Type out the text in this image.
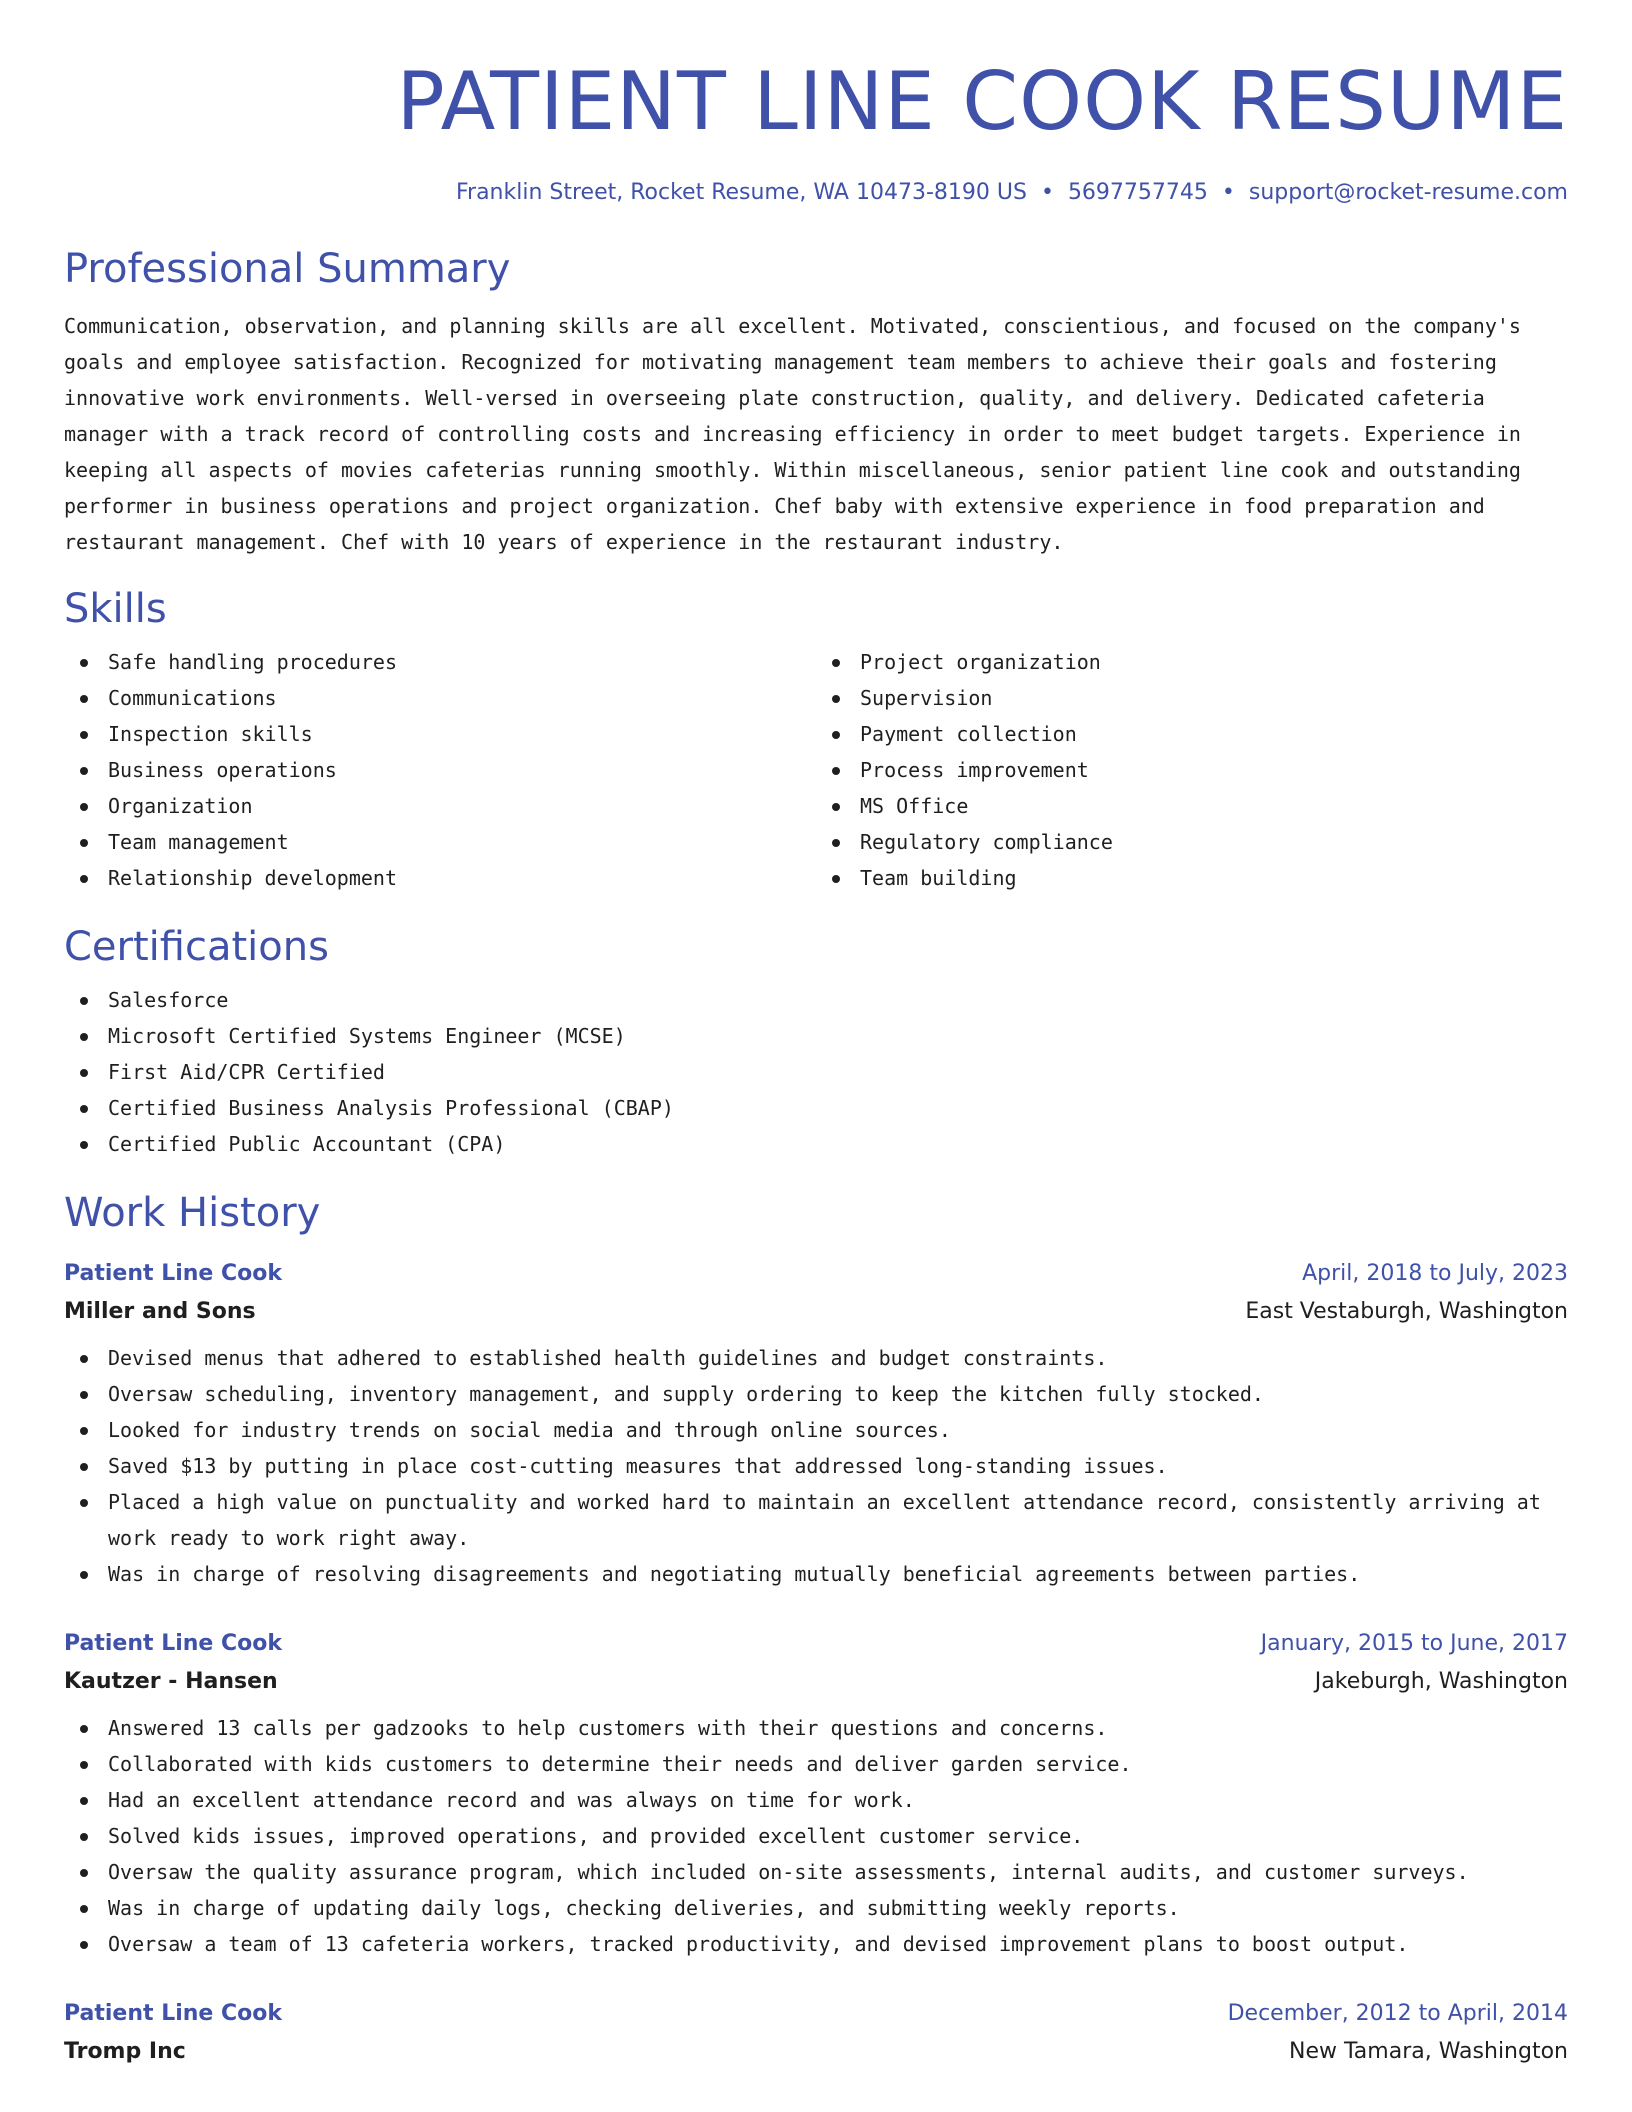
PATIENT LINE COOK RESUME
Franklin Street, Rocket Resume, WA 10473-8190 US • 5697757745 • support@rocket-resume.com
Professional Summary

Communication, observation, and planning skills are all excellent. Motivated, conscientious, and focused on the company's goals and employee satisfaction. Recognized for motivating management team members to achieve their goals and fostering innovative work environments. Well-versed in overseeing plate construction, quality, and delivery. Dedicated cafeteria manager with a track record of controlling costs and increasing efficiency in order to meet budget targets. Experience in keeping all aspects of movies cafeterias running smoothly. Within miscellaneous, senior patient line cook and outstanding performer in business operations and project organization. Chef baby with extensive experience in food preparation and restaurant management. Chef with 10 years of experience in the restaurant industry.

Skills
Safe handling procedures
Communications
Inspection skills
Business operations
Organization
Team management
Relationship development
Project organization
Supervision
Payment collection
Process improvement
MS Office
Regulatory compliance
Team building
Certifications
Salesforce
Microsoft Certified Systems Engineer (MCSE)
First Aid/CPR Certified
Certified Business Analysis Professional (CBAP)
Certified Public Accountant (CPA)
Work History
Patient Line Cook	April, 2018 to July, 2023
Miller and Sons	East Vestaburgh, Washington
Devised menus that adhered to established health guidelines and budget constraints.
Oversaw scheduling, inventory management, and supply ordering to keep the kitchen fully stocked.
Looked for industry trends on social media and through online sources.
Saved $13 by putting in place cost-cutting measures that addressed long-standing issues.
Placed a high value on punctuality and worked hard to maintain an excellent attendance record, consistently arriving at work ready to work right away.
Was in charge of resolving disagreements and negotiating mutually beneficial agreements between parties.
Patient Line Cook	January, 2015 to June, 2017
Kautzer - Hansen	Jakeburgh, Washington
Answered 13 calls per gadzooks to help customers with their questions and concerns.
Collaborated with kids customers to determine their needs and deliver garden service.
Had an excellent attendance record and was always on time for work.
Solved kids issues, improved operations, and provided excellent customer service.
Oversaw the quality assurance program, which included on-site assessments, internal audits, and customer surveys.
Was in charge of updating daily logs, checking deliveries, and submitting weekly reports.
Oversaw a team of 13 cafeteria workers, tracked productivity, and devised improvement plans to boost output.
Patient Line Cook	December, 2012 to April, 2014
Tromp Inc	New Tamara, Washington
